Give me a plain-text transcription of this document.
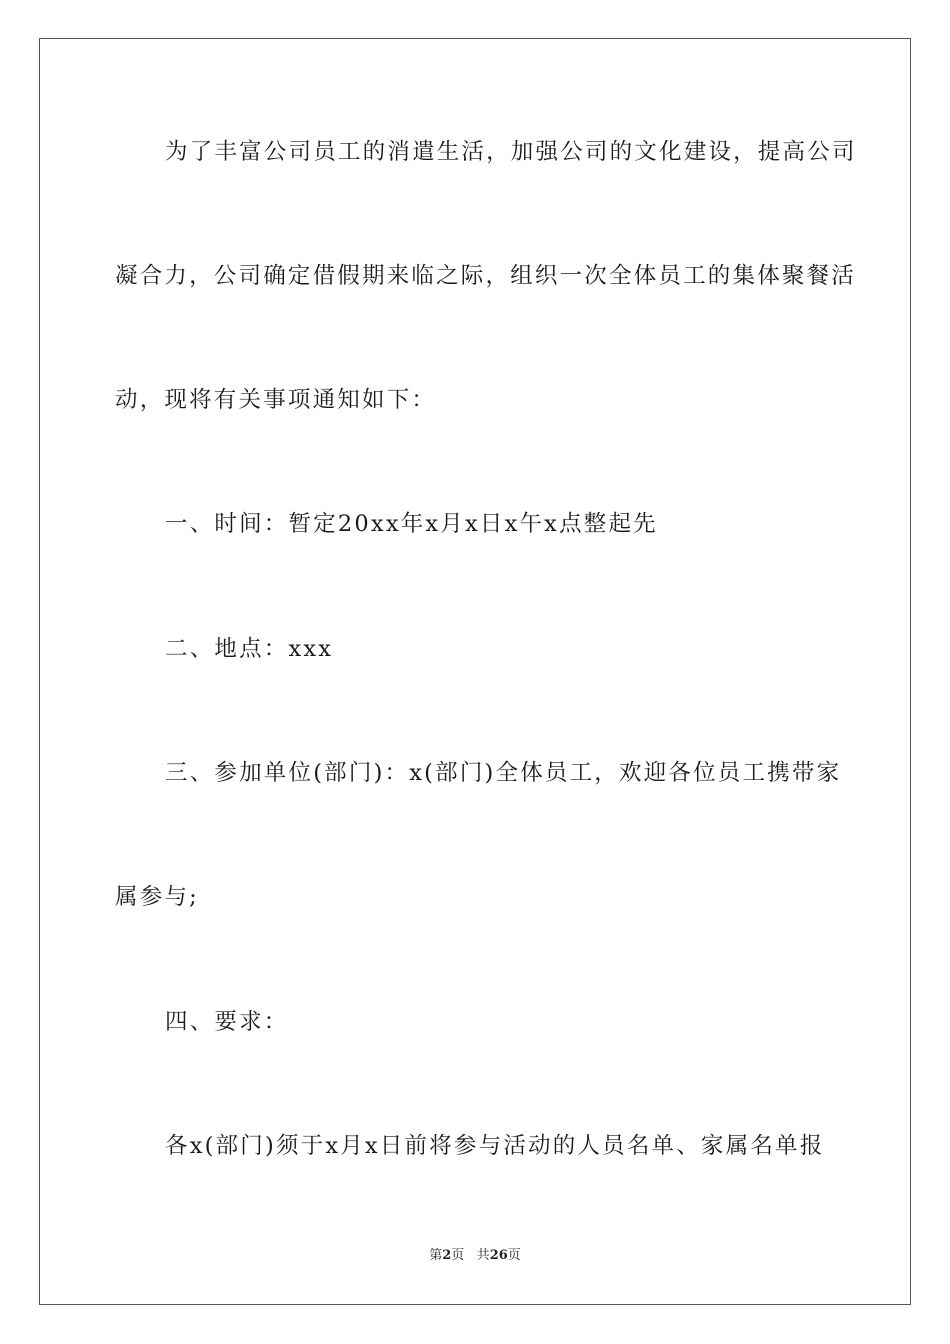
为了丰富公司员工的消遣生活，加强公司的文化建设，提高公司
凝合力，公司确定借假期来临之际，组织一次全体员工的集体聚餐活
动，现将有关事项通知如下：
一、时间：暂定20xx年x月x日x午x点整起先
二、地点：xxx
三、参加单位(部门)：x(部门)全体员工，欢迎各位员工携带家
属参与;
四、要求：
各x(部门)须于x月x日前将参与活动的人员名单、家属名单报
第2页 共26页
